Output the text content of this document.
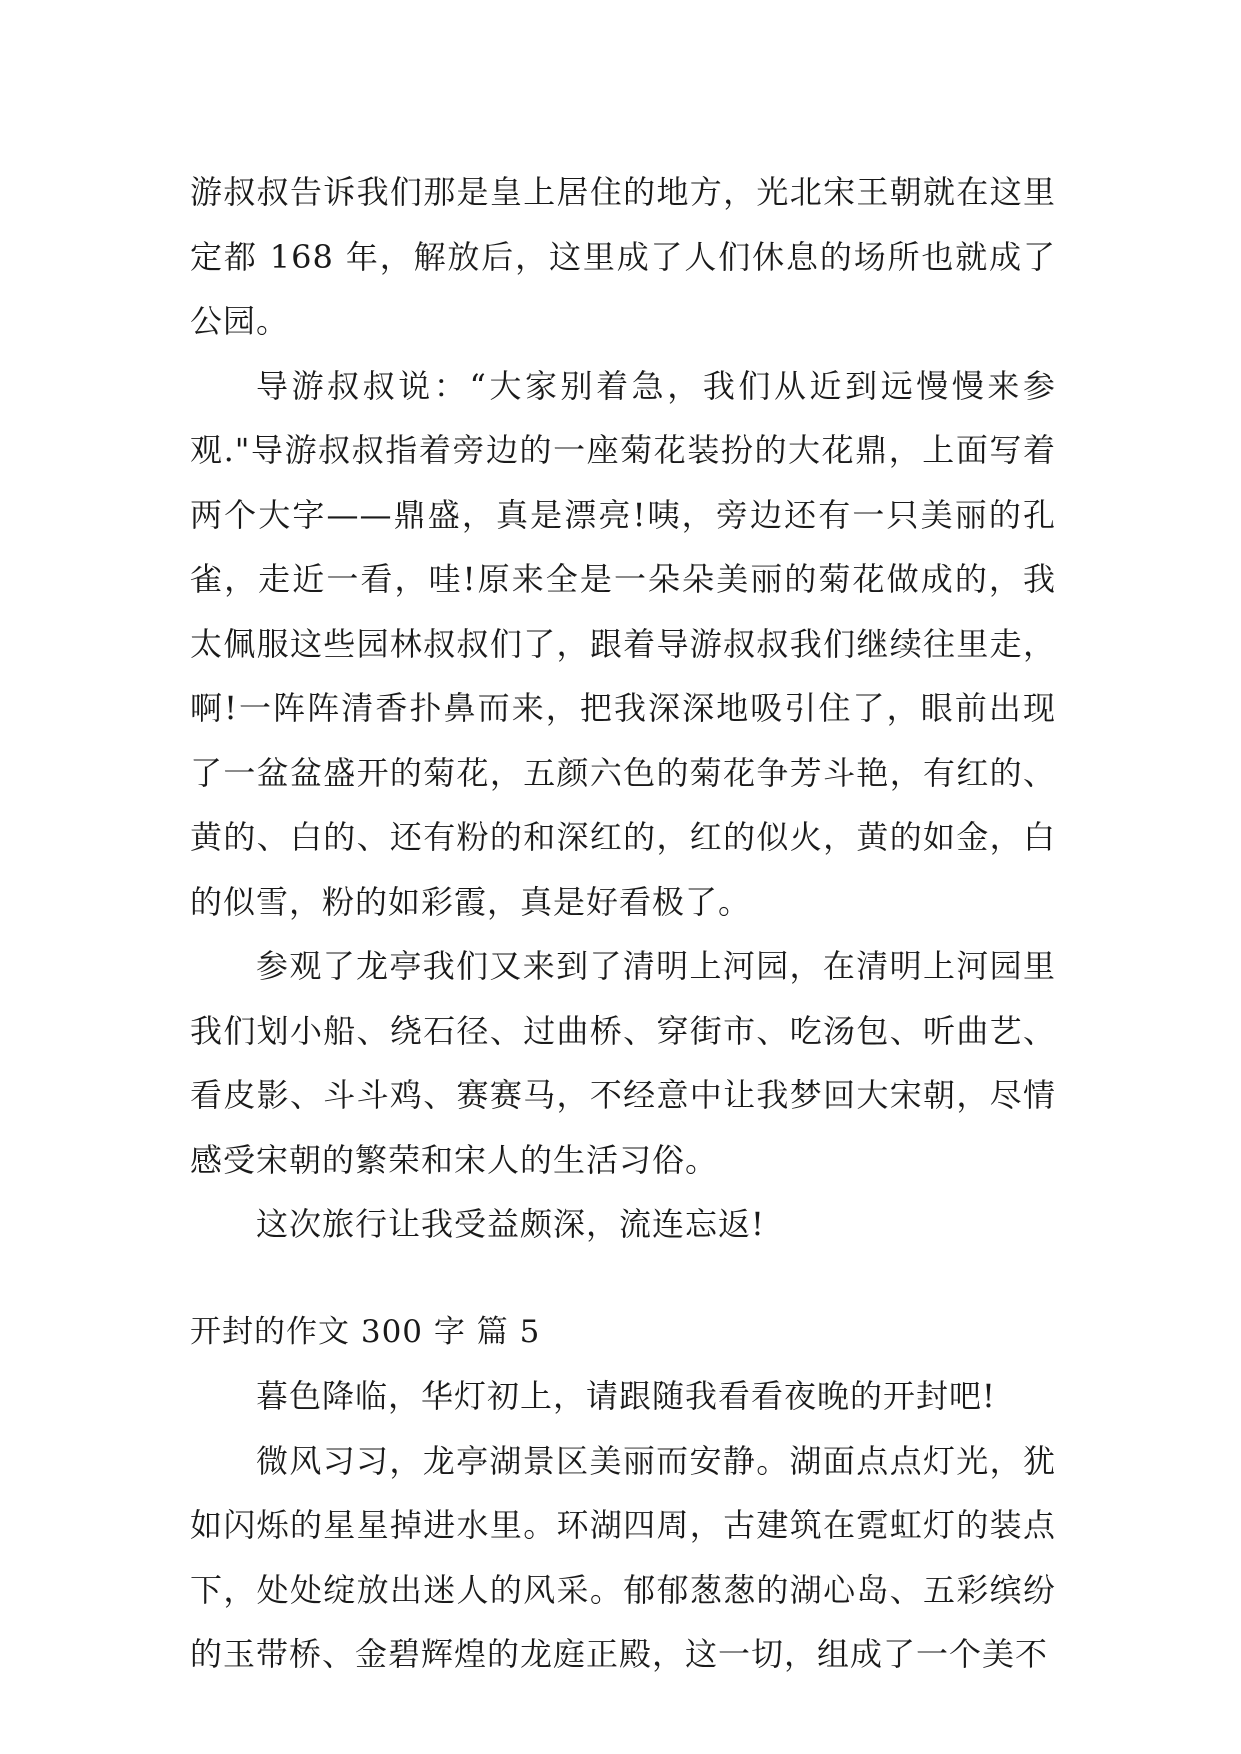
游叔叔告诉我们那是皇上居住的地方，光北宋王朝就在这里定都 168 年，解放后，这里成了人们休息的场所也就成了公园。

导游叔叔说：“大家别着急，我们从近到远慢慢来参观."导游叔叔指着旁边的一座菊花装扮的大花鼎，上面写着两个大字——鼎盛，真是漂亮!咦，旁边还有一只美丽的孔雀，走近一看，哇!原来全是一朵朵美丽的菊花做成的，我太佩服这些园林叔叔们了，跟着导游叔叔我们继续往里走，啊!一阵阵清香扑鼻而来，把我深深地吸引住了，眼前出现了一盆盆盛开的菊花，五颜六色的菊花争芳斗艳，有红的、黄的、白的、还有粉的和深红的，红的似火，黄的如金，白的似雪，粉的如彩霞，真是好看极了。

参观了龙亭我们又来到了清明上河园，在清明上河园里我们划小船、绕石径、过曲桥、穿街市、吃汤包、听曲艺、看皮影、斗斗鸡、赛赛马，不经意中让我梦回大宋朝，尽情感受宋朝的繁荣和宋人的生活习俗。

这次旅行让我受益颇深，流连忘返!

开封的作文 300 字 篇 5

暮色降临，华灯初上，请跟随我看看夜晚的开封吧!

微风习习，龙亭湖景区美丽而安静。湖面点点灯光，犹如闪烁的星星掉进水里。环湖四周，古建筑在霓虹灯的装点下，处处绽放出迷人的风采。郁郁葱葱的湖心岛、五彩缤纷的玉带桥、金碧辉煌的龙庭正殿，这一切，组成了一个美不
